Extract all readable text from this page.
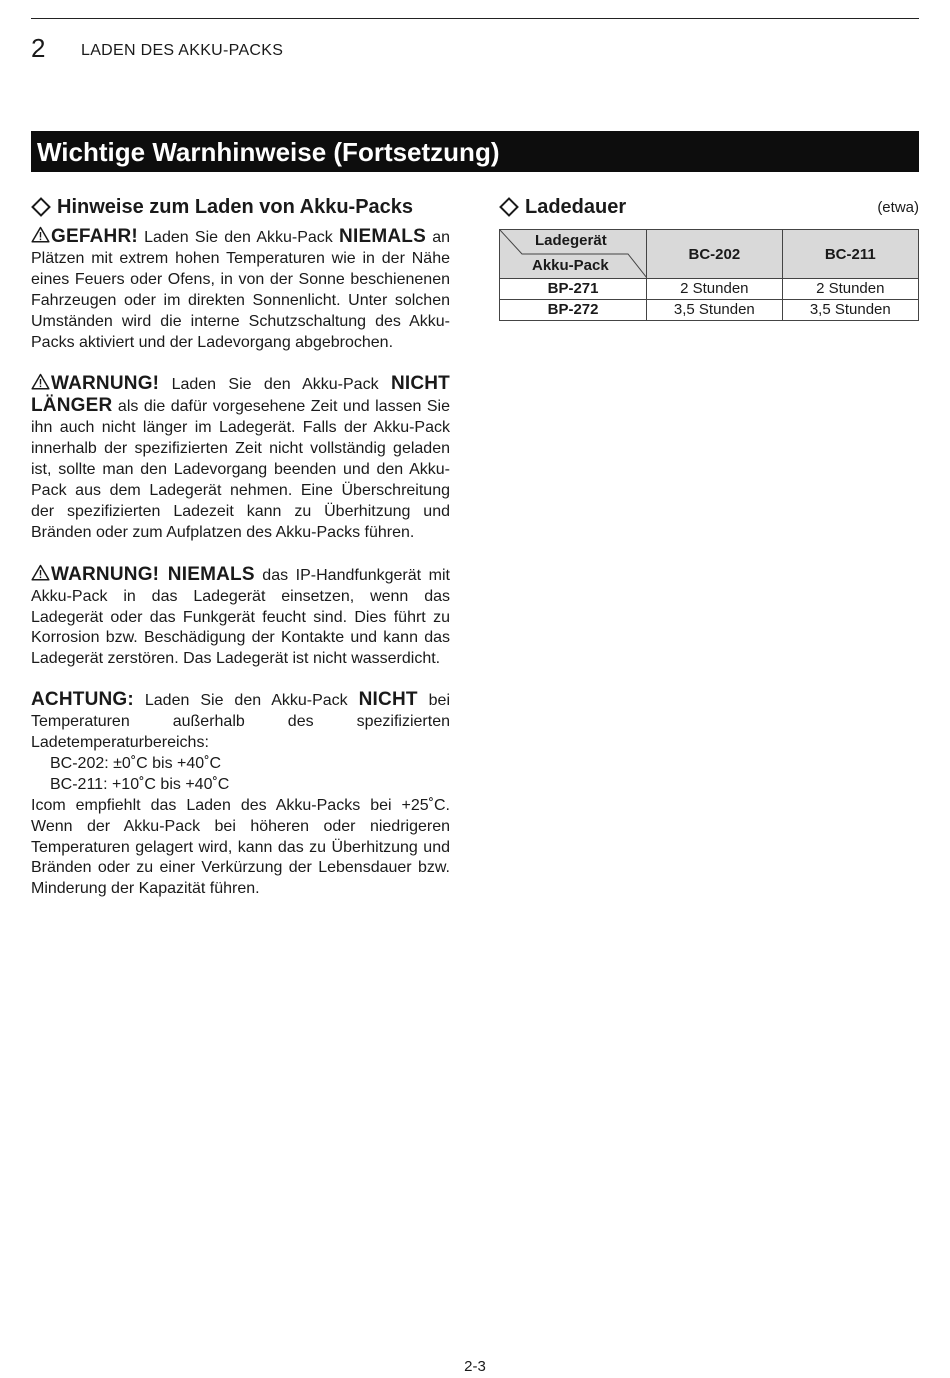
2 LADEN DES AKKU-PACKS
Wichtige Warnhinweise (Fortsetzung)
Hinweise zum Laden von Akku-Packs

GEFAHR! Laden Sie den Akku-Pack NIEMALS an Plätzen mit extrem hohen Temperaturen wie in der Nähe eines Feuers oder Ofens, in von der Sonne beschienenen Fahrzeugen oder im direkten Sonnenlicht. Unter solchen Umständen wird die interne Schutzschaltung des Akku-Packs aktiviert und der Ladevorgang abgebrochen.

WARNUNG! Laden Sie den Akku-Pack NICHT LÄNGER als die dafür vorgesehene Zeit und lassen Sie ihn auch nicht länger im Ladegerät. Falls der Akku-Pack innerhalb der spezifizierten Zeit nicht vollständig geladen ist, sollte man den Ladevorgang beenden und den Akku-Pack aus dem Ladegerät nehmen. Eine Überschreitung der spezifizierten Ladezeit kann zu Überhitzung und Bränden oder zum Aufplatzen des Akku-Packs führen.

WARNUNG! NIEMALS das IP-Handfunkgerät mit Akku-Pack in das Ladegerät einsetzen, wenn das Ladegerät oder das Funkgerät feucht sind. Dies führt zu Korrosion bzw. Beschädigung der Kontakte und kann das Ladegerät zerstören. Das Ladegerät ist nicht wasserdicht.

ACHTUNG: Laden Sie den Akku-Pack NICHT bei Temperaturen außerhalb des spezifizierten Ladetemperaturbereichs:
BC-202: ±0˚C bis +40˚C
BC-211: +10˚C bis +40˚C
Icom empfiehlt das Laden des Akku-Packs bei +25˚C. Wenn der Akku-Pack bei höheren oder niedrigeren Temperaturen gelagert wird, kann das zu Überhitzung und Bränden oder zu einer Verkürzung der Lebensdauer bzw. Minderung der Kapazität führen.

Ladedauer	(etwa)
Ladegerät
Akku-Pack	BC-202	BC-211
BP-271	2 Stunden	2 Stunden
BP-272	3,5 Stunden	3,5 Stunden
2-3
